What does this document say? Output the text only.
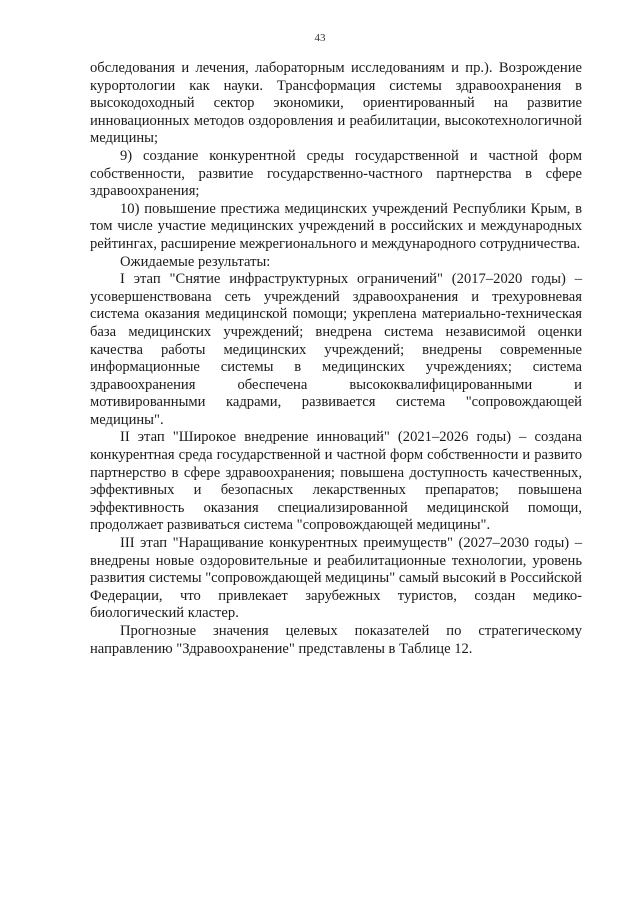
43

обследования и лечения, лабораторным исследованиям и пр.). Возрождение курортологии как науки. Трансформация системы здравоохранения в высокодоходный сектор экономики, ориентированный на развитие инновационных методов оздоровления и реабилитации, высокотехнологичной медицины;

9) создание конкурентной среды государственной и частной форм собственности, развитие государственно-частного партнерства в сфере здравоохранения;

10) повышение престижа медицинских учреждений Республики Крым, в том числе участие медицинских учреждений в российских и международных рейтингах, расширение межрегионального и международного сотрудничества.

Ожидаемые результаты:

I этап "Снятие инфраструктурных ограничений" (2017–2020 годы) – усовершенствована сеть учреждений здравоохранения и трехуровневая система оказания медицинской помощи; укреплена материально-техническая база медицинских учреждений; внедрена система независимой оценки качества работы медицинских учреждений; внедрены современные информационные системы в медицинских учреждениях; система здравоохранения обеспечена высококвалифицированными и мотивированными кадрами, развивается система "сопровождающей медицины".

II этап "Широкое внедрение инноваций" (2021–2026 годы) – создана конкурентная среда государственной и частной форм собственности и развито партнерство в сфере здравоохранения; повышена доступность качественных, эффективных и безопасных лекарственных препаратов; повышена эффективность оказания специализированной медицинской помощи, продолжает развиваться система "сопровождающей медицины".

III этап "Наращивание конкурентных преимуществ" (2027–2030 годы) – внедрены новые оздоровительные и реабилитационные технологии, уровень развития системы "сопровождающей медицины" самый высокий в Российской Федерации, что привлекает зарубежных туристов, создан медико-биологический кластер.

Прогнозные значения целевых показателей по стратегическому направлению "Здравоохранение" представлены в Таблице 12.
